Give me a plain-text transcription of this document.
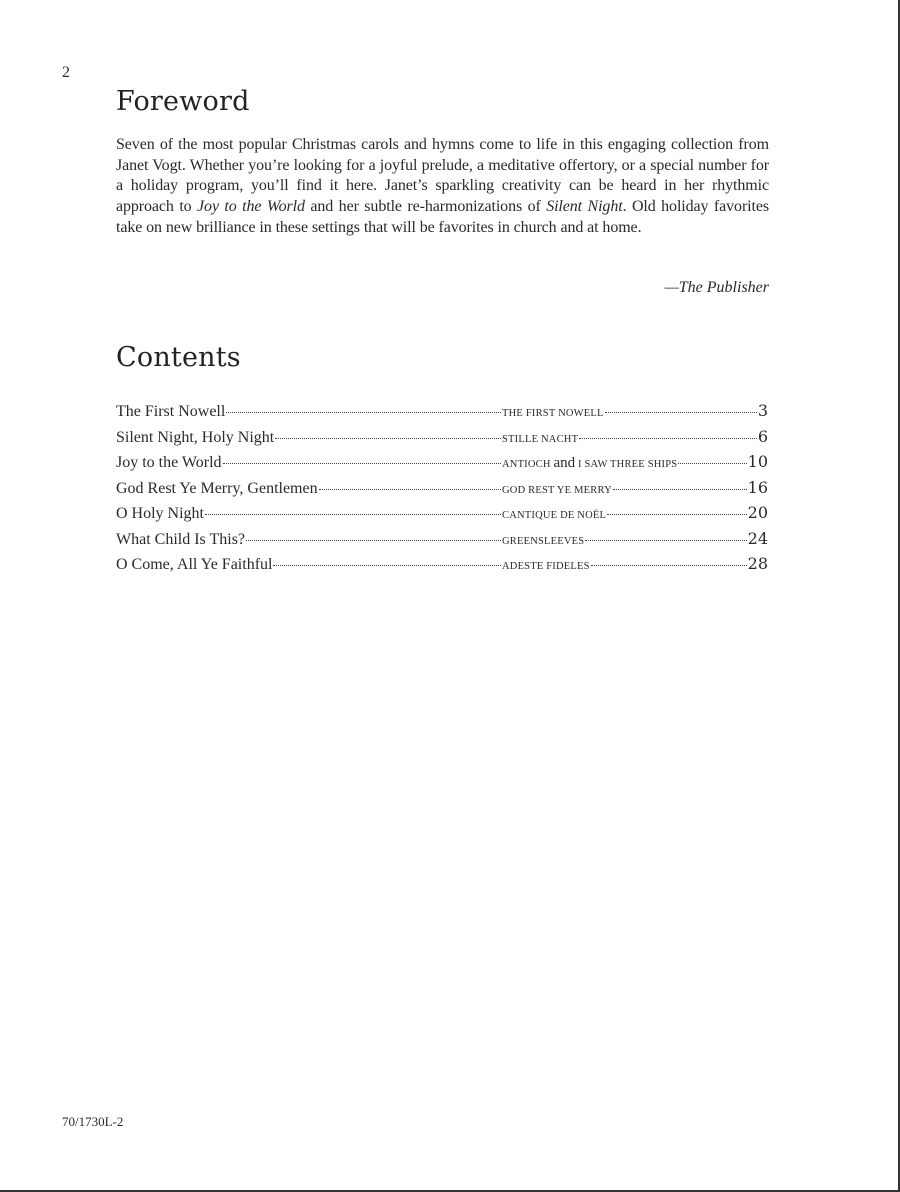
2
Foreword

Seven of the most popular Christmas carols and hymns come to life in this engaging collection from Janet Vogt. Whether you’re looking for a joyful prelude, a meditative offertory, or a special number for a holiday program, you’ll find it here. Janet’s sparkling creativity can be heard in her rhythmic approach to Joy to the World and her subtle re-harmonizations of Silent Night. Old holiday favorites take on new brilliance in these settings that will be favorites in church and at home.

—The Publisher
Contents
The First Nowell	THE FIRST NOWELL	3
Silent Night, Holy Night	STILLE NACHT	6
Joy to the World	ANTIOCH and I SAW THREE SHIPS	10
God Rest Ye Merry, Gentlemen	GOD REST YE MERRY	16
O Holy Night	CANTIQUE DE NOËL	20
What Child Is This?	GREENSLEEVES	24
O Come, All Ye Faithful	ADESTE FIDELES	28
70/1730L-2
